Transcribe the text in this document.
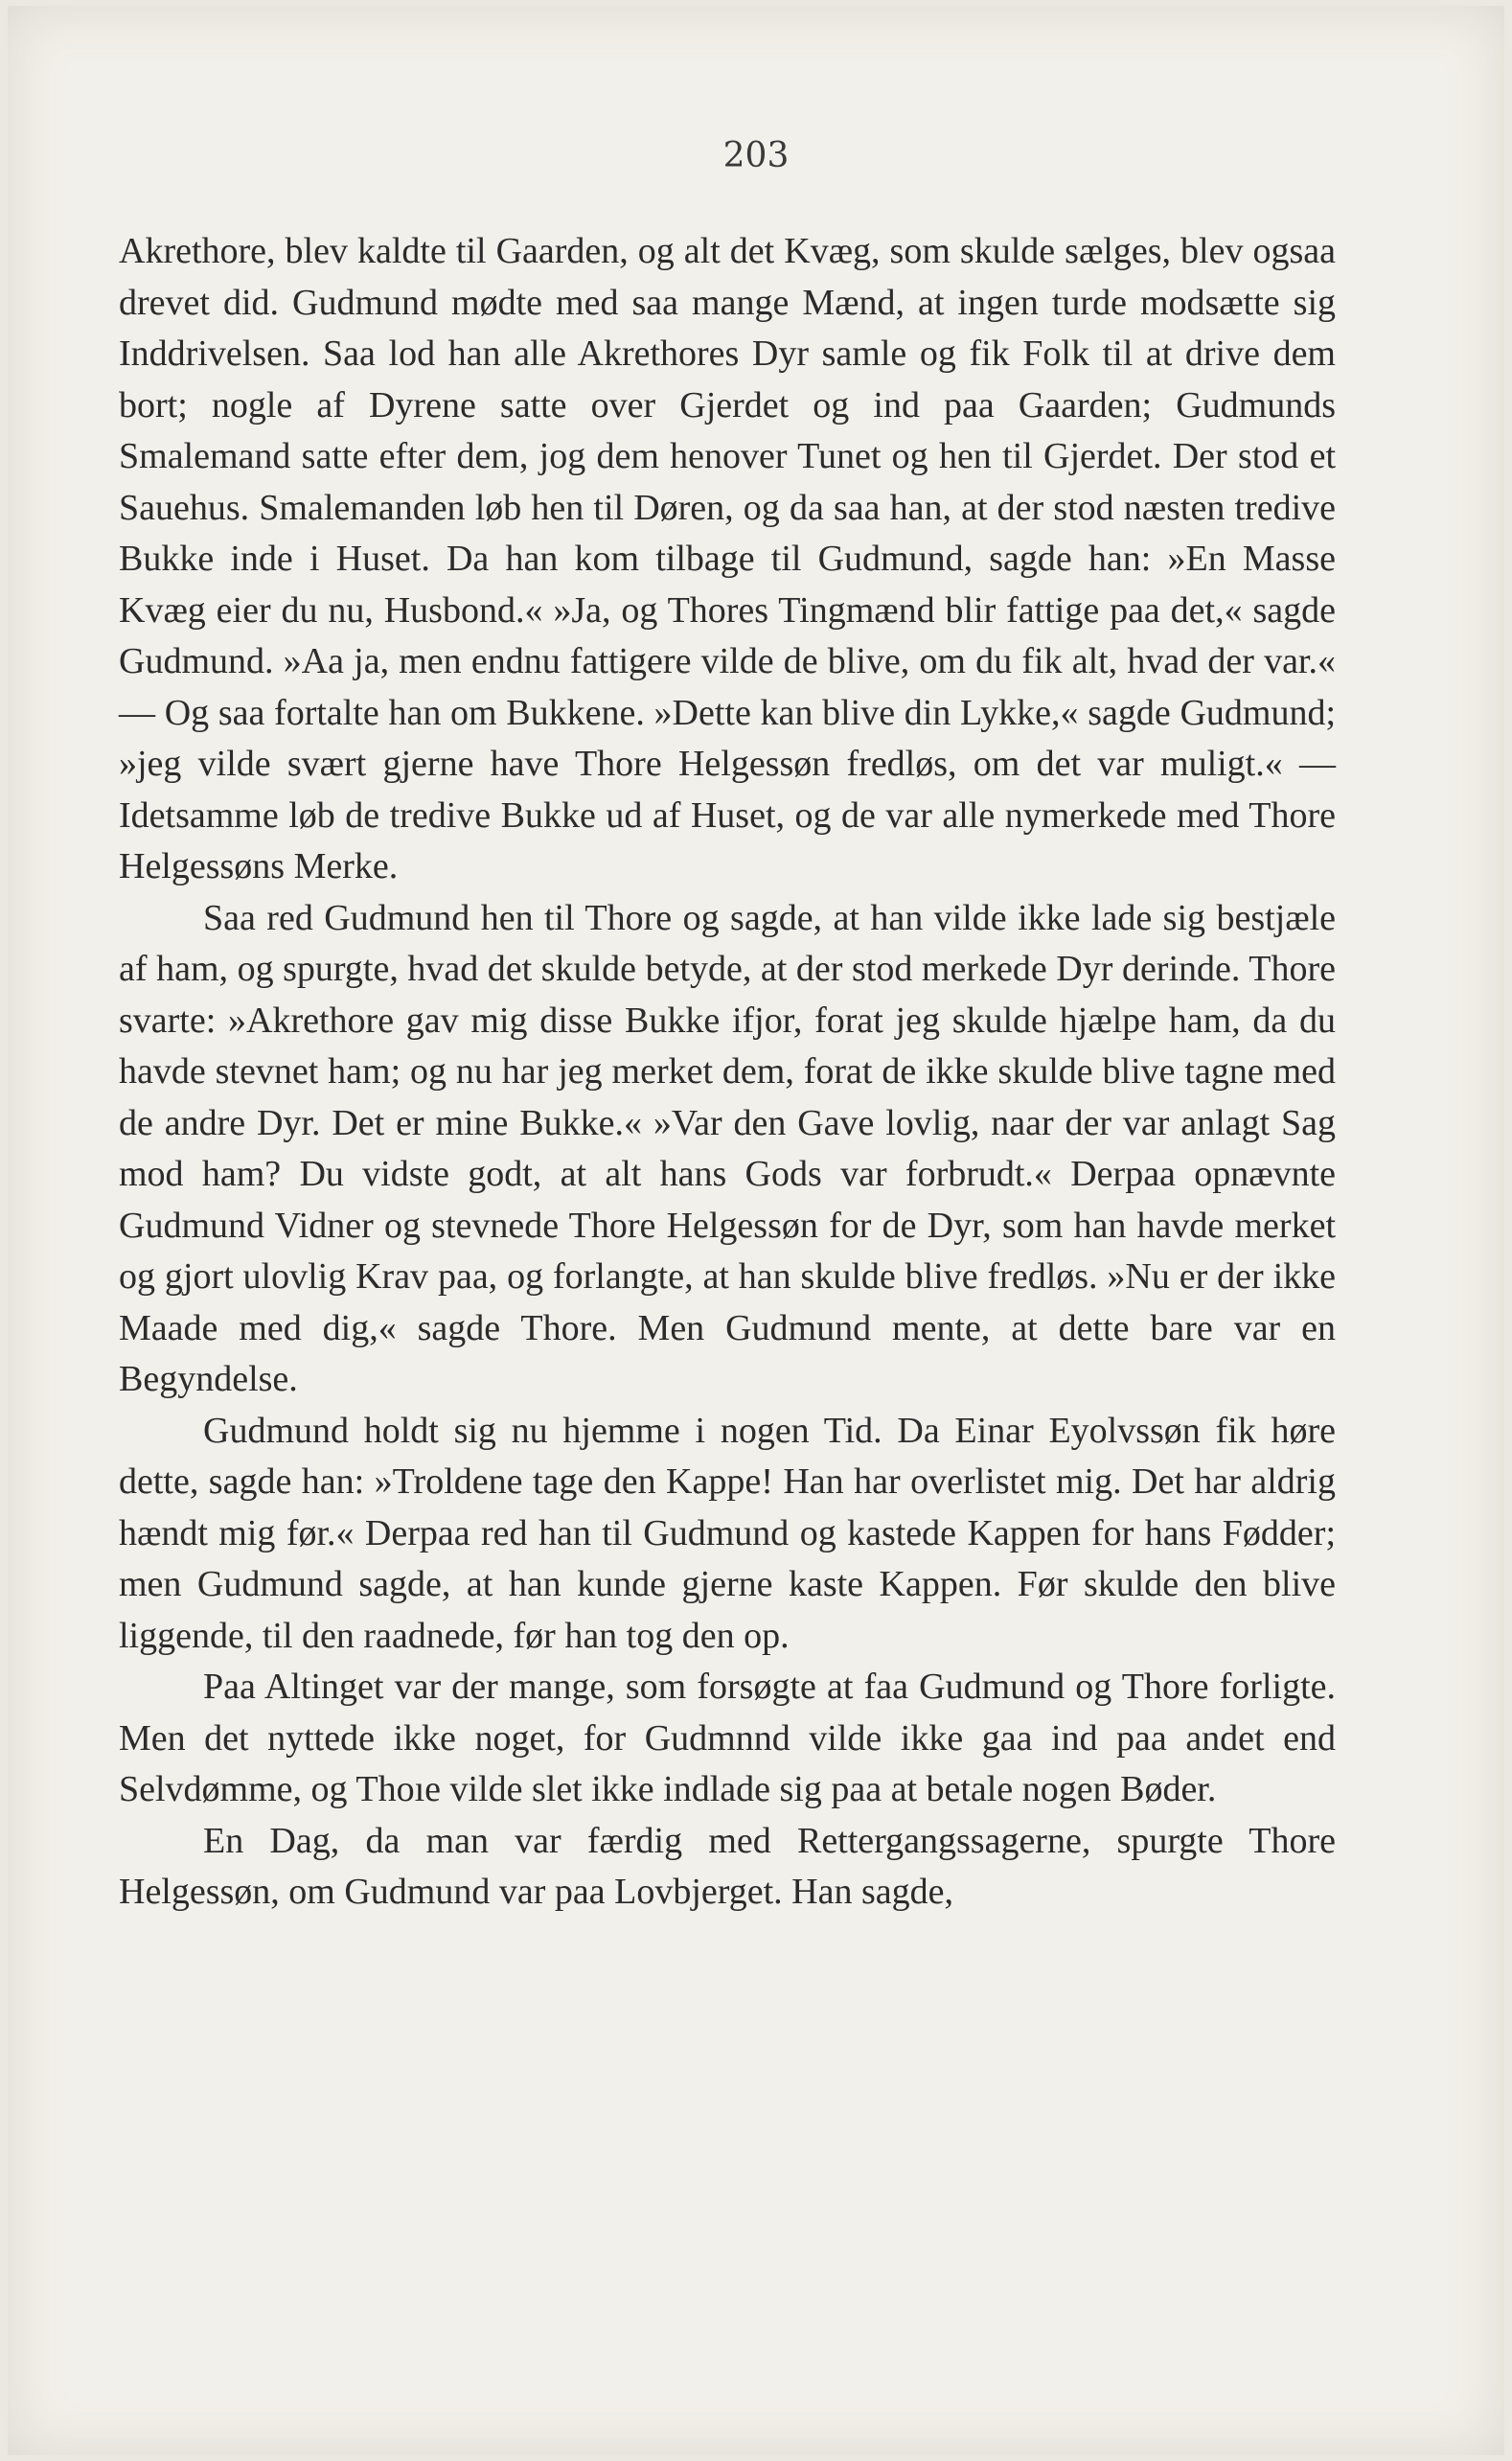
203

Akrethore, blev kaldte til Gaarden, og alt det Kvæg, som skulde sælges, blev ogsaa drevet did. Gudmund mødte med saa mange Mænd, at ingen turde modsætte sig Inddrivelsen. Saa lod han alle Akrethores Dyr samle og fik Folk til at drive dem bort; nogle af Dyrene satte over Gjerdet og ind paa Gaarden; Gudmunds Smalemand satte efter dem, jog dem henover Tunet og hen til Gjerdet. Der stod et Sauehus. Smalemanden løb hen til Døren, og da saa han, at der stod næsten tredive Bukke inde i Huset. Da han kom tilbage til Gudmund, sagde han: »En Masse Kvæg eier du nu, Husbond.« »Ja, og Thores Tingmænd blir fattige paa det,« sagde Gudmund. »Aa ja, men endnu fattigere vilde de blive, om du fik alt, hvad der var.« — Og saa fortalte han om Bukkene. »Dette kan blive din Lykke,« sagde Gudmund; »jeg vilde svært gjerne have Thore Helgessøn fredløs, om det var muligt.« — Idetsamme løb de tredive Bukke ud af Huset, og de var alle nymerkede med Thore Helgessøns Merke.

Saa red Gudmund hen til Thore og sagde, at han vilde ikke lade sig bestjæle af ham, og spurgte, hvad det skulde betyde, at der stod merkede Dyr derinde. Thore svarte: »Akrethore gav mig disse Bukke ifjor, forat jeg skulde hjælpe ham, da du havde stevnet ham; og nu har jeg merket dem, forat de ikke skulde blive tagne med de andre Dyr. Det er mine Bukke.« »Var den Gave lovlig, naar der var anlagt Sag mod ham? Du vidste godt, at alt hans Gods var forbrudt.« Derpaa opnævnte Gudmund Vidner og stevnede Thore Helgessøn for de Dyr, som han havde merket og gjort ulovlig Krav paa, og forlangte, at han skulde blive fredløs. »Nu er der ikke Maade med dig,« sagde Thore. Men Gudmund mente, at dette bare var en Begyndelse.

Gudmund holdt sig nu hjemme i nogen Tid. Da Einar Eyolvssøn fik høre dette, sagde han: »Troldene tage den Kappe! Han har overlistet mig. Det har aldrig hændt mig før.« Derpaa red han til Gudmund og kastede Kappen for hans Fødder; men Gudmund sagde, at han kunde gjerne kaste Kappen. Før skulde den blive liggende, til den raadnede, før han tog den op.

Paa Altinget var der mange, som forsøgte at faa Gudmund og Thore forligte. Men det nyttede ikke noget, for Gudmnnd vilde ikke gaa ind paa andet end Selvdømme, og Thoıe vilde slet ikke indlade sig paa at betale nogen Bøder.

En Dag, da man var færdig med Rettergangssagerne, spurgte Thore Helgessøn, om Gudmund var paa Lovbjerget. Han sagde,
